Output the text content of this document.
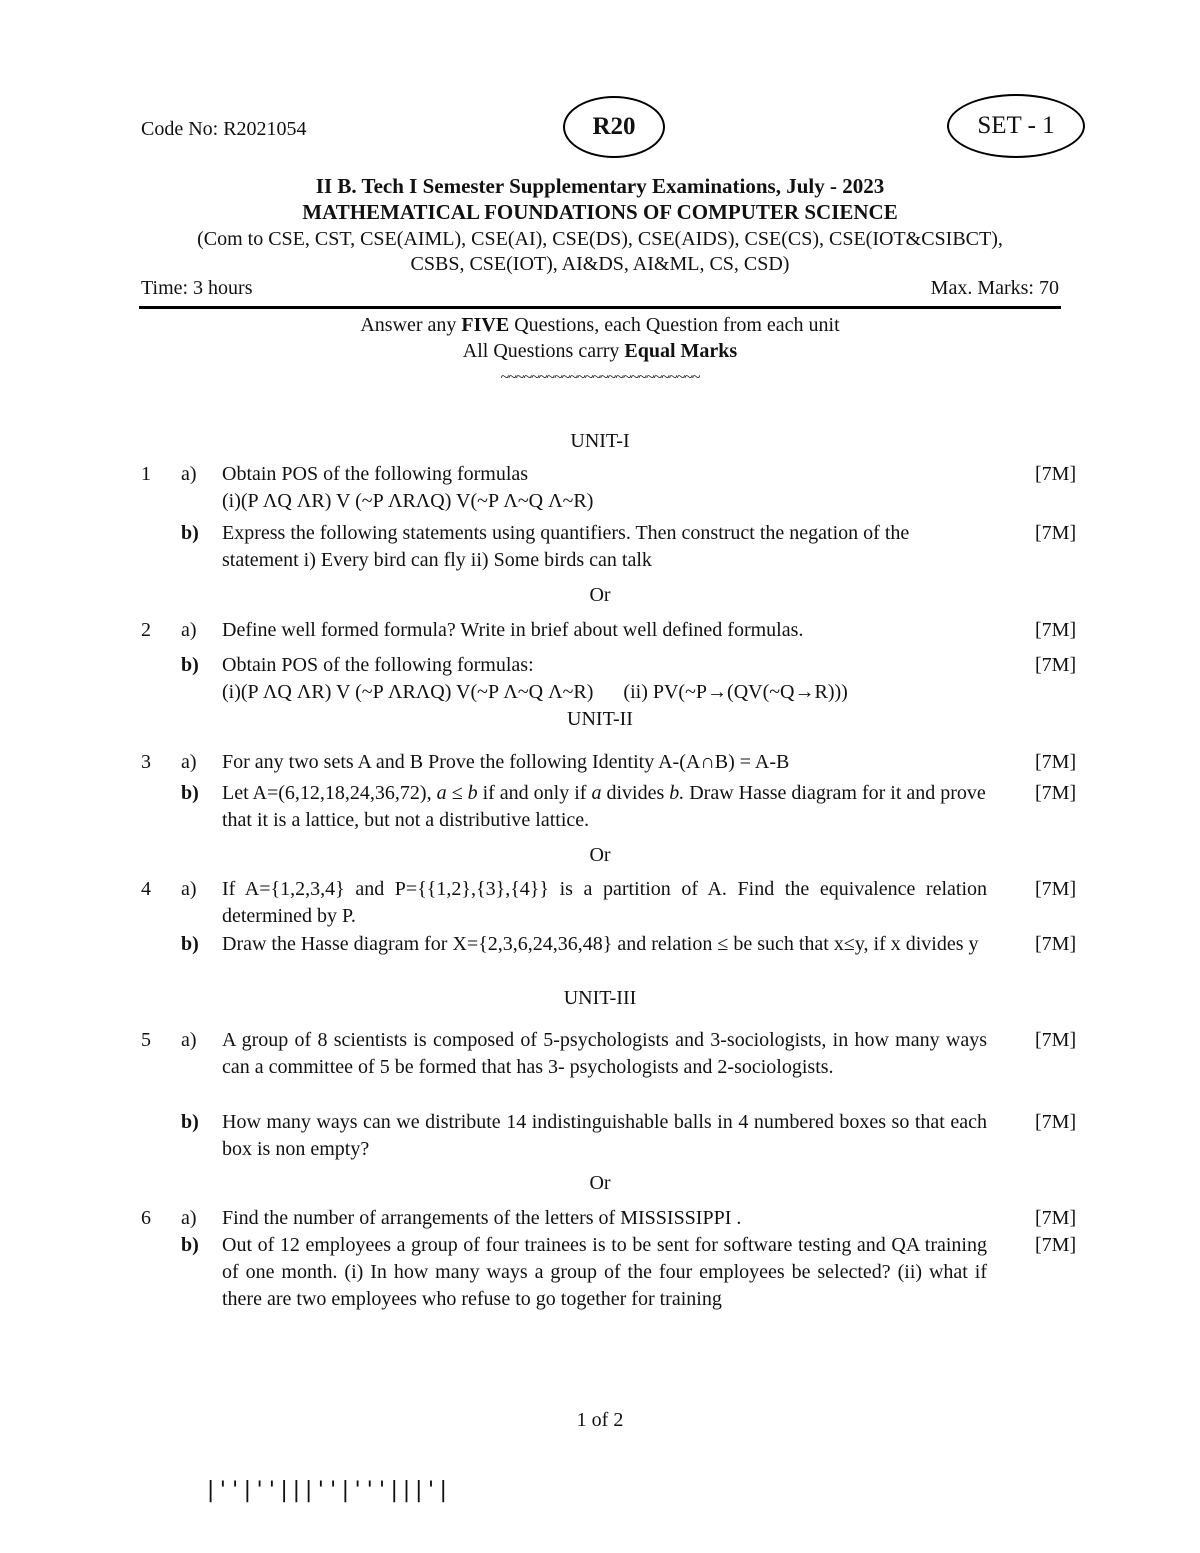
Code No: R2021054	R20	SET - 1
II B. Tech I Semester Supplementary Examinations, July - 2023
MATHEMATICAL FOUNDATIONS OF COMPUTER SCIENCE
(Com to CSE, CST, CSE(AIML), CSE(AI), CSE(DS), CSE(AIDS), CSE(CS), CSE(IOT&CSIBCT),
CSBS, CSE(IOT), AI&DS, AI&ML, CS, CSD)
Time: 3 hours	Max. Marks: 70
Answer any FIVE Questions, each Question from each unit
All Questions carry Equal Marks
~~~~~~~~~~~~~~~~~~~~~~~~~~
UNIT-I
1 a) Obtain POS of the following formulas
(i)(P ΛQ ΛR) V (~P ΛRΛQ) V(~P Λ~Q Λ~R)
[7M]
b) Express the following statements using quantifiers. Then construct the negation of the statement i) Every bird can fly ii) Some birds can talk
[7M]
Or
2 a) Define well formed formula? Write in brief about well defined formulas.	[7M]
b) Obtain POS of the following formulas:
(i)(P ΛQ ΛR) V (~P ΛRΛQ) V(~P Λ~Q Λ~R)      (ii) PV(~P→(QV(~Q→R)))
[7M]
UNIT-II
3 a) For any two sets A and B Prove the following Identity A-(A∩B) = A-B	[7M]
b) Let A=(6,12,18,24,36,72), a ≤ b if and only if a divides b. Draw Hasse diagram for it and prove that it is a lattice, but not a distributive lattice.
[7M]
Or
4 a) If A={1,2,3,4} and P={{1,2},{3},{4}} is a partition of A. Find the equivalence relation determined by P.
[7M]
b) Draw the Hasse diagram for X={2,3,6,24,36,48} and relation ≤ be such that x≤y, if x divides y	[7M]
UNIT-III
5 a) A group of 8 scientists is composed of 5-psychologists and 3-sociologists, in how many ways can a committee of 5 be formed that has 3- psychologists and 2-sociologists.
[7M]
b) How many ways can we distribute 14 indistinguishable balls in 4 numbered boxes so that each box is non empty?
[7M]
Or
6 a) Find the number of arrangements of the letters of MISSISSIPPI .	[7M]
b) Out of 12 employees a group of four trainees is to be sent for software testing and QA training of one month. (i) In how many ways a group of the four employees be selected? (ii) what if there are two employees who refuse to go together for training
[7M]
1 of 2
|''|''|||''|'''|||'|
